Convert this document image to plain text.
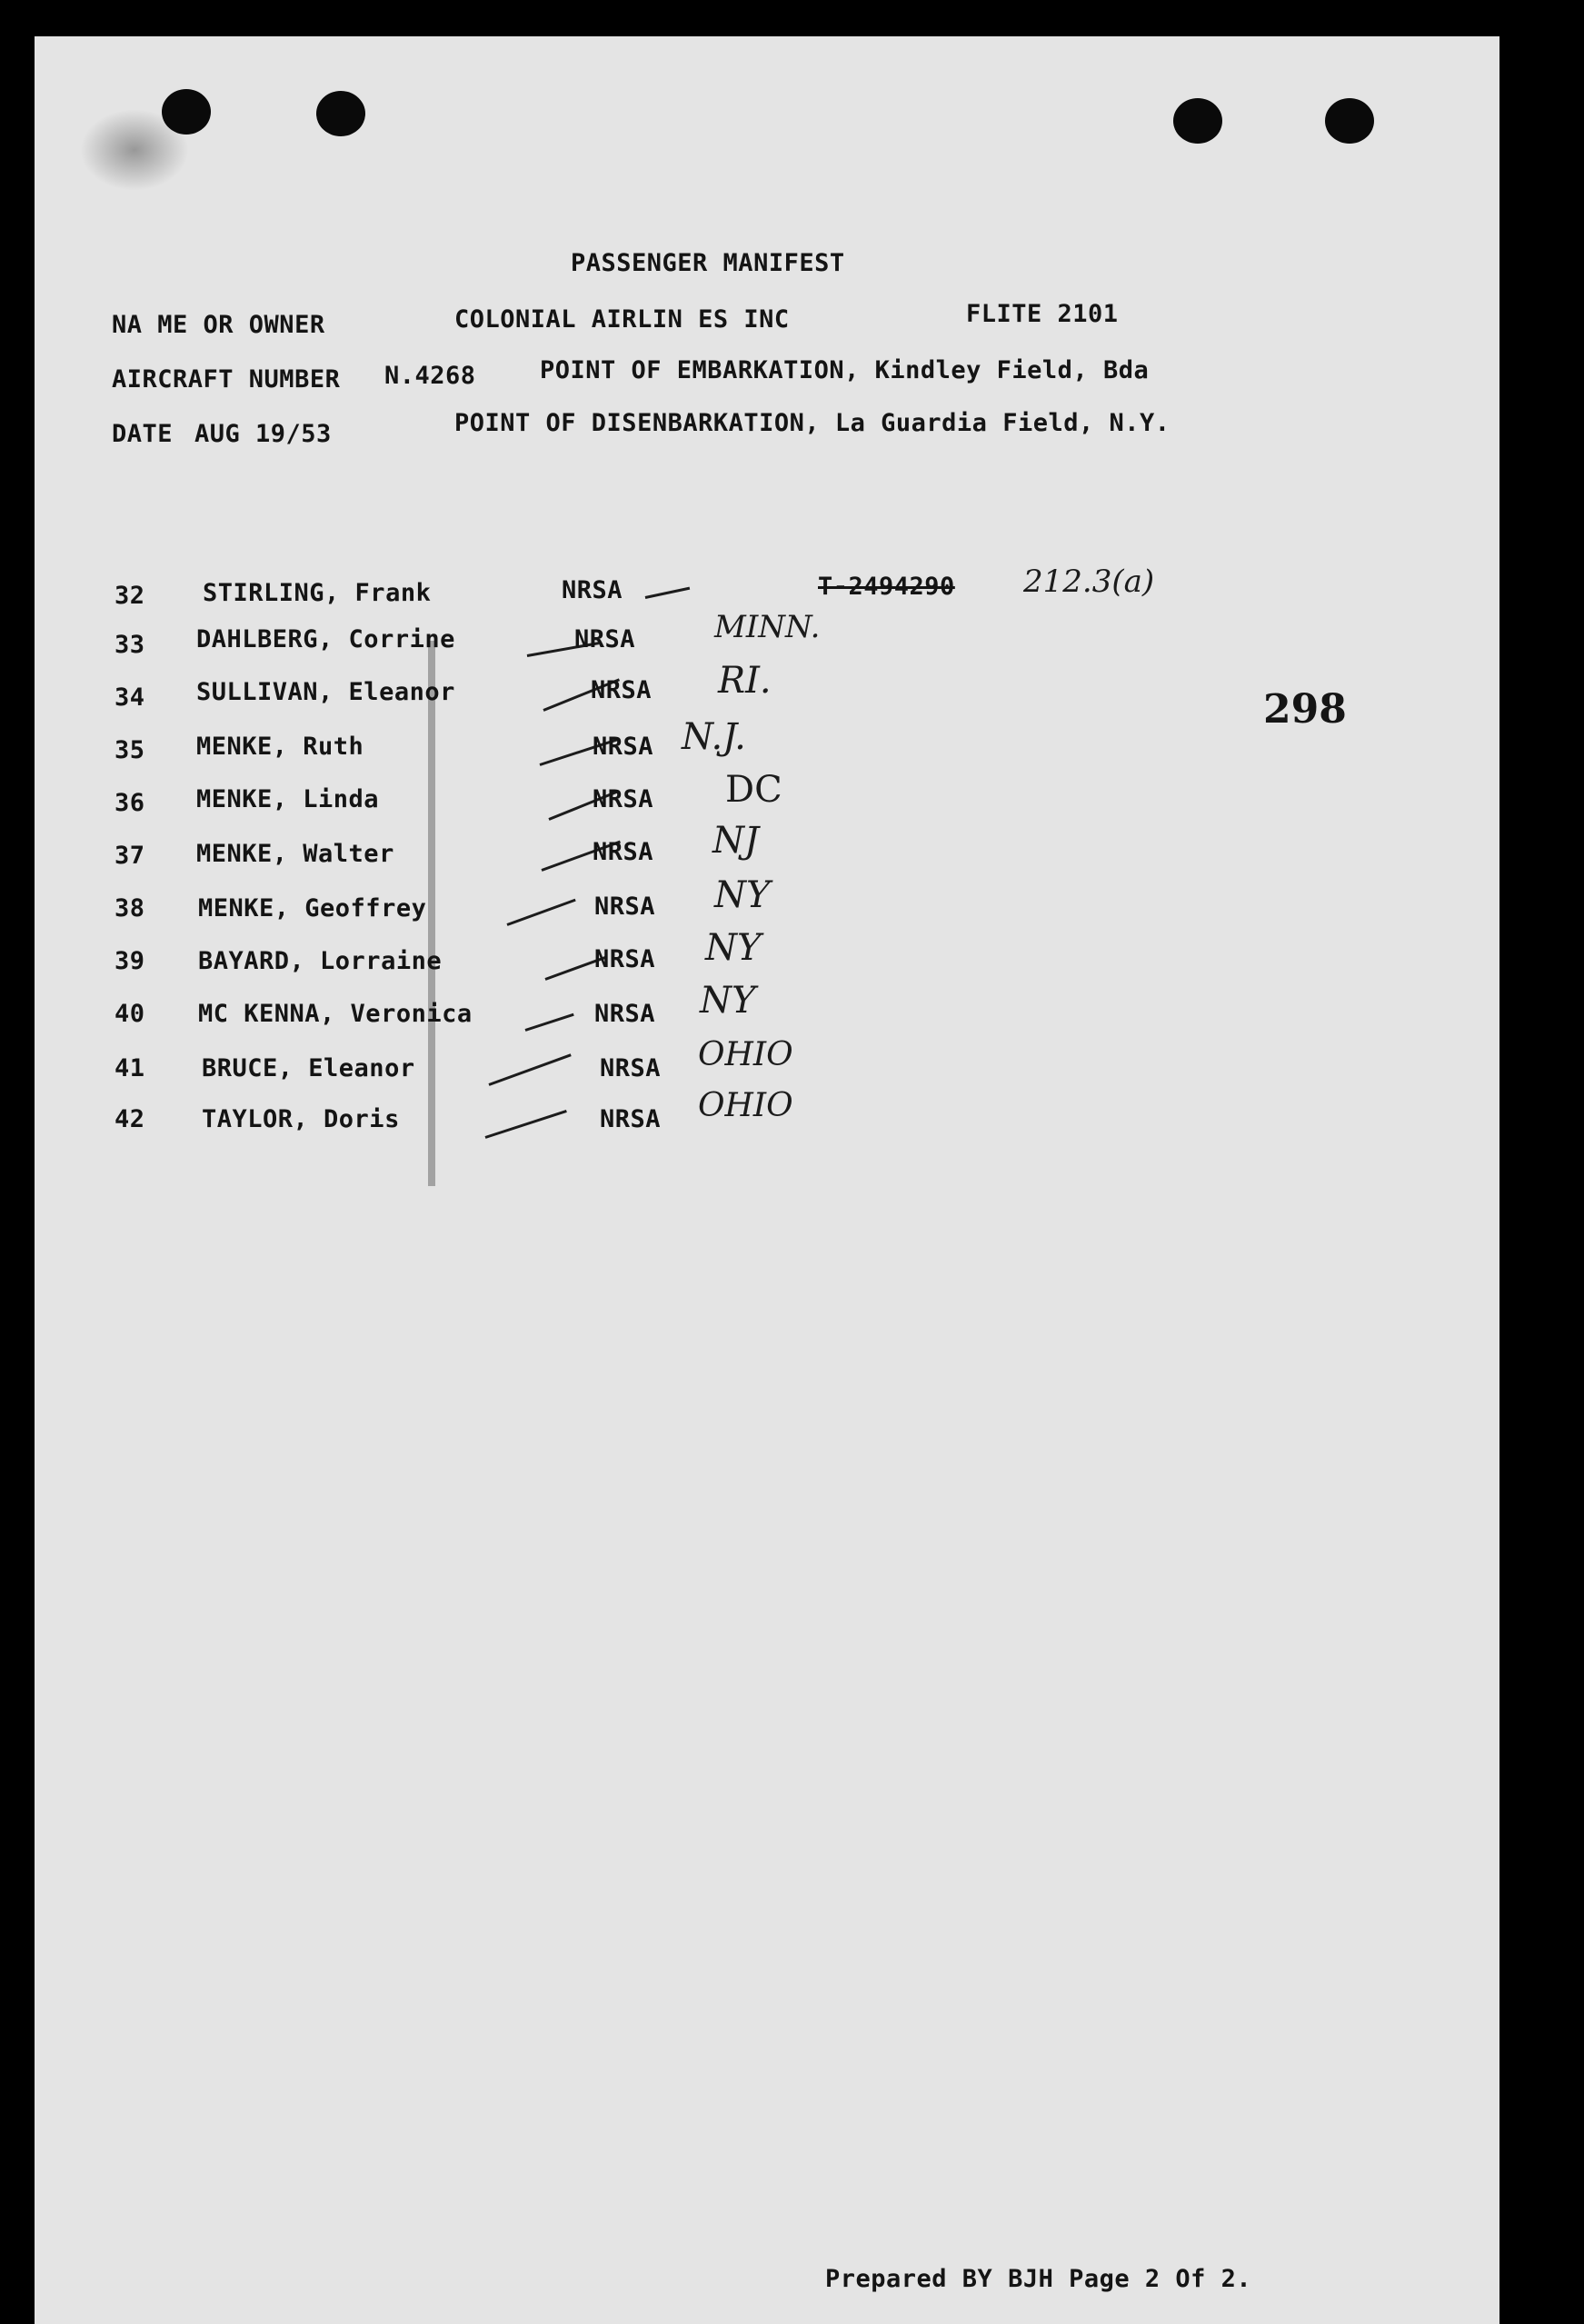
PASSENGER MANIFEST
NA ME OR OWNER	COLONIAL AIRLIN ES INC	FLITE 2101
AIRCRAFT NUMBER N.4268	POINT OF EMBARKATION, Kindley Field, Bda
DATE AUG 19/53	POINT OF DISENBARKATION, La Guardia Field, N.Y.
298
32 STIRLING, Frank	NRSA	T-2494290 212.3(a)
33 DAHLBERG, Corrine	NRSA	MINN.
34 SULLIVAN, Eleanor	NRSA RI.
35 MENKE, Ruth	NRSA N.J.
36 MENKE, Linda	NRSA DC
37 MENKE, Walter	NRSA NJ
38 MENKE, Geoffrey	NRSA NY
39 BAYARD, Lorraine	NRSA NY
40 MC KENNA, Veronica	NRSA NY
41 BRUCE, Eleanor	NRSA OHIO
42 TAYLOR, Doris	NRSA OHIO
Prepared BY BJH Page 2 Of 2.
